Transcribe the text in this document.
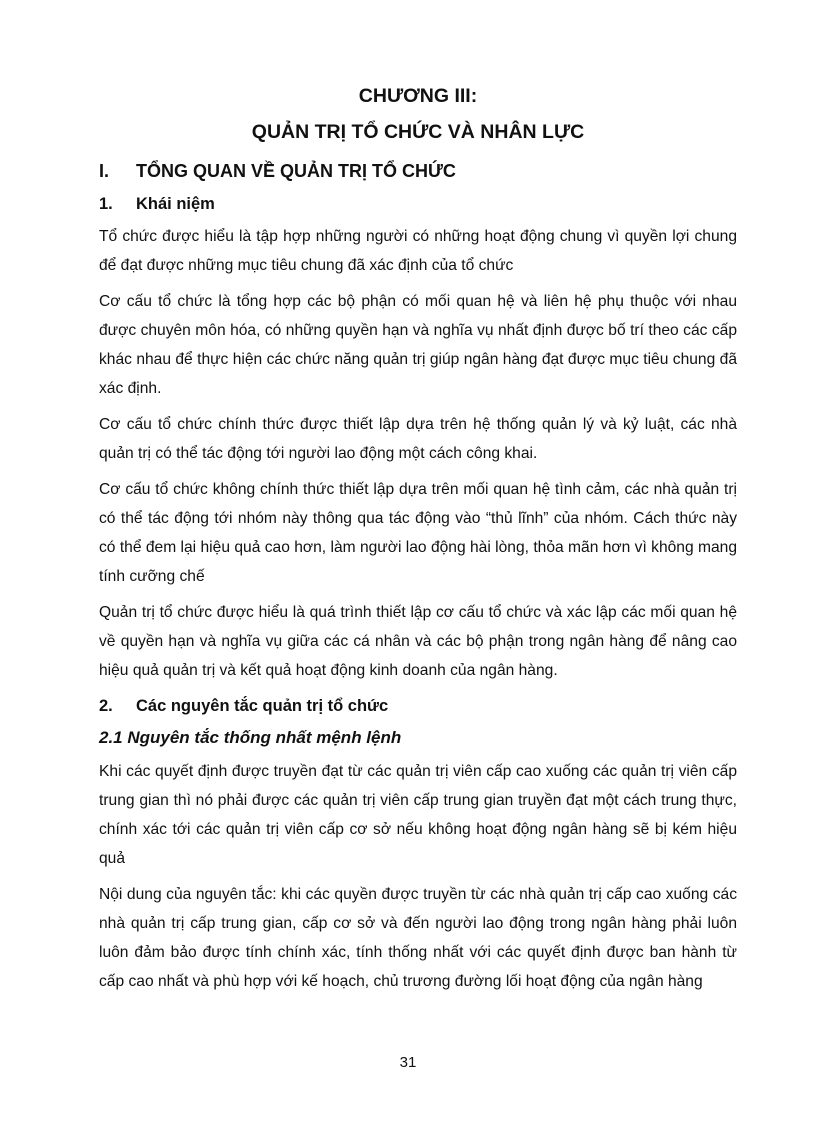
CHƯƠNG III:
QUẢN TRỊ TỔ CHỨC VÀ NHÂN LỰC
I.	TỔNG QUAN VỀ QUẢN TRỊ TỔ CHỨC
1.	Khái niệm

Tổ chức được hiểu là tập hợp những người có những hoạt động chung vì quyền lợi chung để đạt được những mục tiêu chung đã xác định của tổ chức

Cơ cấu tổ chức là tổng hợp các bộ phận có mối quan hệ và liên hệ phụ thuộc với nhau được chuyên môn hóa, có những quyền hạn và nghĩa vụ nhất định được bố trí theo các cấp khác nhau để thực hiện các chức năng quản trị giúp ngân hàng đạt được mục tiêu chung đã xác định.

Cơ cấu tổ chức chính thức được thiết lập dựa trên hệ thống quản lý và kỷ luật, các nhà quản trị có thể tác động tới người lao động một cách công khai.

Cơ cấu tổ chức không chính thức thiết lập dựa trên mối quan hệ tình cảm, các nhà quản trị có thể tác động tới nhóm này thông qua tác động vào “thủ lĩnh” của nhóm. Cách thức này có thể đem lại hiệu quả cao hơn, làm người lao động hài lòng, thỏa mãn hơn vì không mang tính cưỡng chế

Quản trị tổ chức được hiểu là quá trình thiết lập cơ cấu tổ chức và xác lập các mối quan hệ về quyền hạn và nghĩa vụ giữa các cá nhân và các bộ phận trong ngân hàng để nâng cao hiệu quả quản trị và kết quả hoạt động kinh doanh của ngân hàng.

2.	Các nguyên tắc quản trị tổ chức
2.1 Nguyên tắc thống nhất mệnh lệnh

Khi các quyết định được truyền đạt từ các quản trị viên cấp cao xuống các quản trị viên cấp trung gian thì nó phải được các quản trị viên cấp trung gian truyền đạt một cách trung thực, chính xác tới các quản trị viên cấp cơ sở nếu không hoạt động ngân hàng sẽ bị kém hiệu quả

Nội dung của nguyên tắc: khi các quyền được truyền từ các nhà quản trị cấp cao xuống các nhà quản trị cấp trung gian, cấp cơ sở và đến người lao động trong ngân hàng phải luôn luôn đảm bảo được tính chính xác, tính thống nhất với các quyết định được ban hành từ cấp cao nhất và phù hợp với kế hoạch, chủ trương đường lối hoạt động của ngân hàng

31
